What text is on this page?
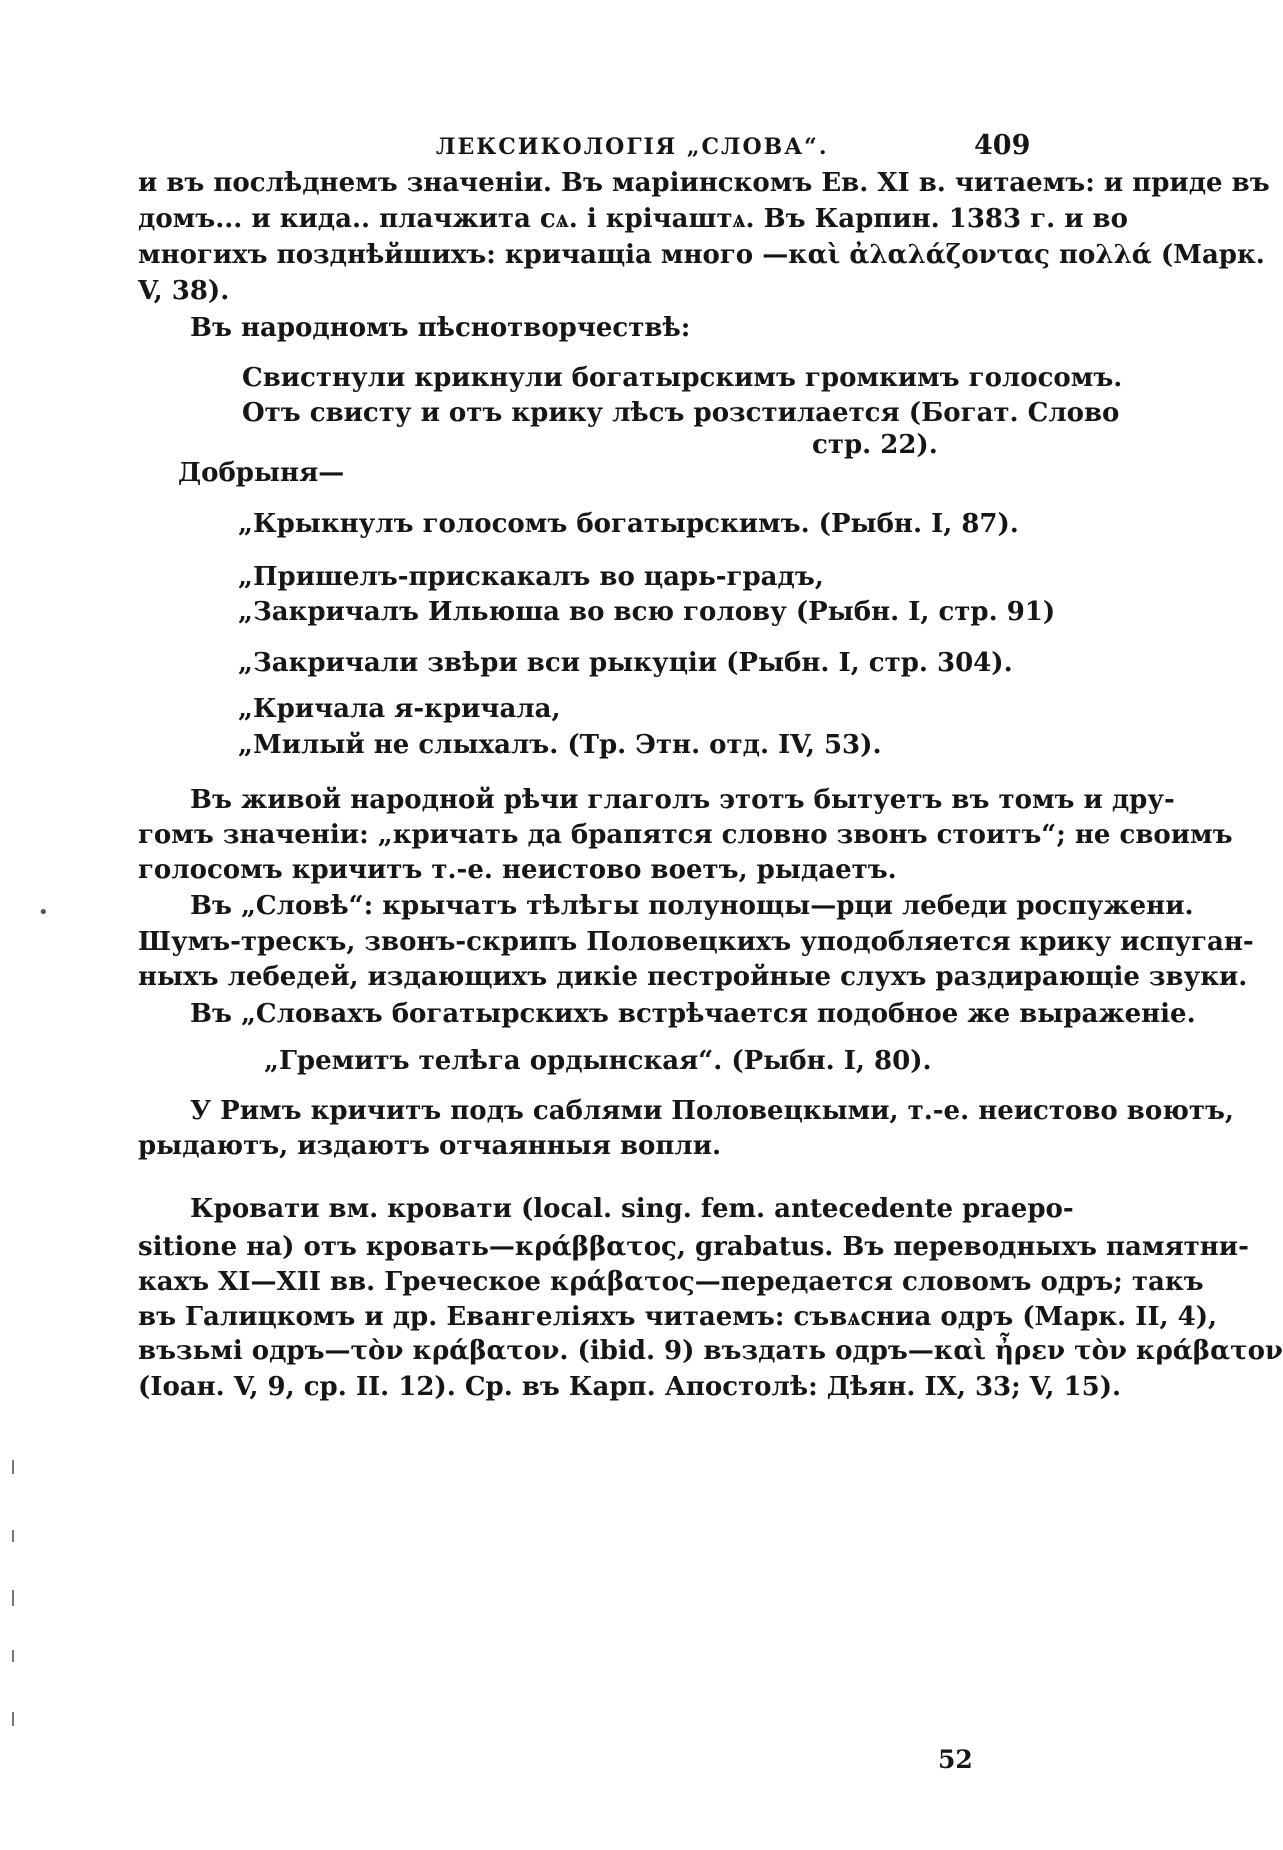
ЛЕКСИКОЛОГІЯ „СЛОВА“.	409
и въ послѣднемъ значеніи. Въ маріинскомъ Ев. XI в. читаемъ: и приде въ
домъ... и кида.. плачжита сѧ. і крічаштѧ. Въ Карпин. 1383 г. и во
многихъ позднѣйшихъ: кричащіа много —καὶ ἀλαλάζοντας πολλά (Марк.
V, 38).
Въ народномъ пѣснотворчествѣ:
Свистнули крикнули богатырскимъ громкимъ голосомъ.
Отъ свисту и отъ крику лѣсъ розстилается (Богат. Слово
стр. 22).
Добрыня—
„Крыкнулъ голосомъ богатырскимъ. (Рыбн. I, 87).
„Пришелъ-прискакалъ во царь-градъ,
„Закричалъ Ильюша во всю голову (Рыбн. I, стр. 91)
„Закричали звѣри вси рыкуціи (Рыбн. I, стр. 304).
„Кричала я-кричала,
„Милый не слыхалъ. (Тр. Этн. отд. IV, 53).
Въ живой народной рѣчи глаголъ этотъ бытуетъ въ томъ и дру-
гомъ значеніи: „кричать да брапятся словно звонъ стоитъ“; не своимъ
голосомъ кричитъ т.-е. неистово воетъ, рыдаетъ.
Въ „Словѣ“: крычатъ тѣлѣгы полунощы—рци лебеди роспужени.
Шумъ-трескъ, звонъ-скрипъ Половецкихъ уподобляется крику испуган-
ныхъ лебедей, издающихъ дикіе пестройные слухъ раздирающіе звуки.
Въ „Словахъ богатырскихъ встрѣчается подобное же выраженіе.
„Гремитъ телѣга ордынская“. (Рыбн. I, 80).
У Римъ кричитъ подъ саблями Половецкыми, т.-е. неистово воютъ,
рыдаютъ, издаютъ отчаянныя вопли.
Кровати вм. кровати (local. sing. fem. antecedente praepo-
sitione на) отъ кровать—κράββατος, grabatus. Въ переводныхъ памятни-
кахъ XI—XII вв. Греческое κράβατος—передается словомъ одръ; такъ
въ Галицкомъ и др. Евангеліяхъ читаемъ: съвѧсниа одръ (Марк. II, 4),
възьмі одръ—τὸν κράβατον. (ibid. 9) въздать одръ—καὶ ἦρεν τὸν κράβατον
(Іоан. V, 9, ср. II. 12). Ср. въ Карп. Апостолѣ: Дѣян. IX, 33; V, 15).
52
•
